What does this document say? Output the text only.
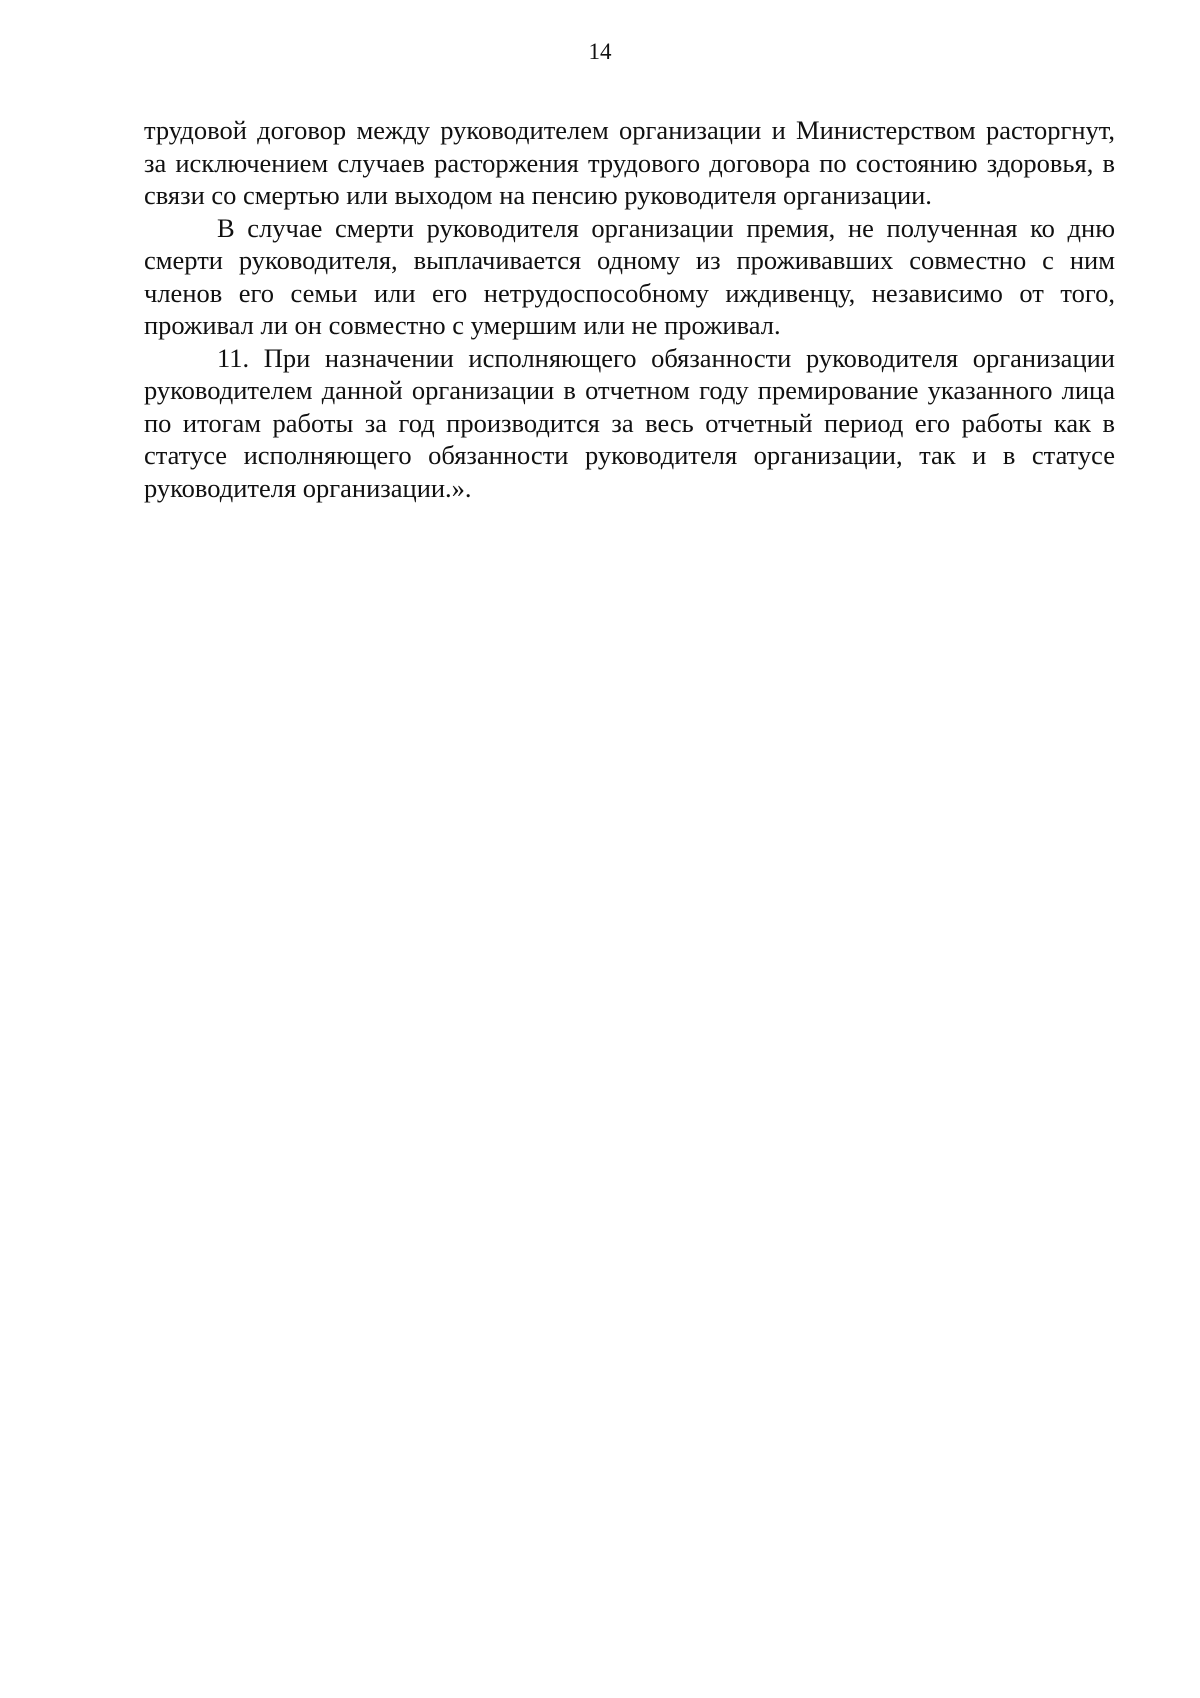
14

трудовой договор между руководителем организации и Министерством расторгнут, за исключением случаев расторжения трудового договора по состоянию здоровья, в связи со смертью или выходом на пенсию руководителя организации.

В случае смерти руководителя организации премия, не полученная ко дню смерти руководителя, выплачивается одному из проживавших совместно с ним членов его семьи или его нетрудоспособному иждивенцу, независимо от того, проживал ли он совместно с умершим или не проживал.

11. При назначении исполняющего обязанности руководителя организации руководителем данной организации в отчетном году премирование указанного лица по итогам работы за год производится за весь отчетный период его работы как в статусе исполняющего обязанности руководителя организации, так и в статусе руководителя организации.».
